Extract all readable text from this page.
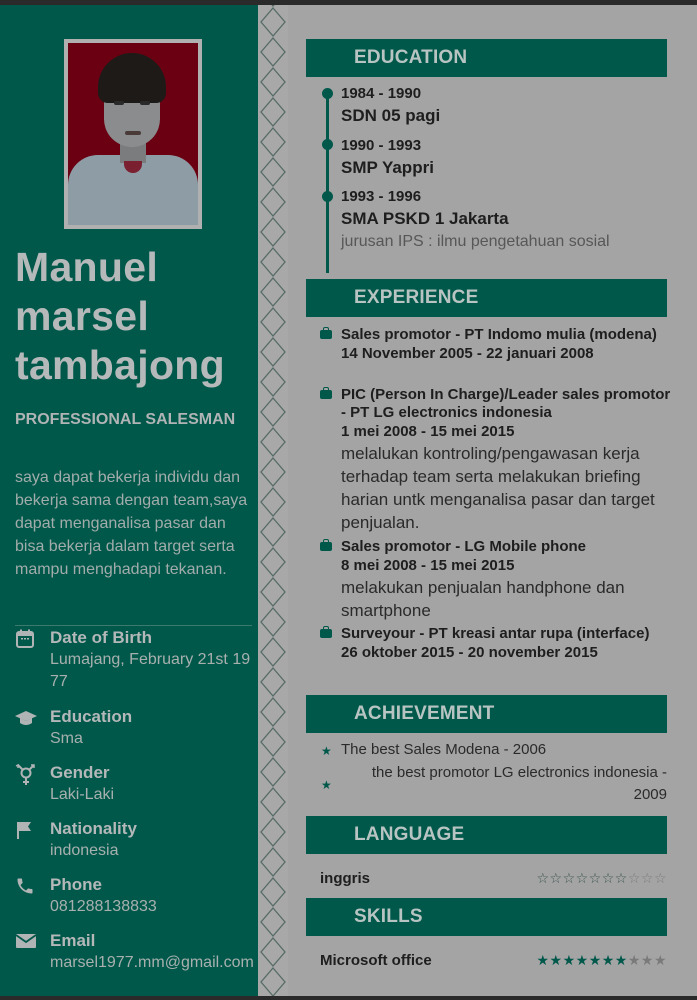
Manuel marsel tambajong
PROFESSIONAL SALESMAN
saya dapat bekerja individu dan bekerja sama dengan team,saya dapat menganalisa pasar dan bisa bekerja dalam target serta mampu menghadapi tekanan.
Date of Birth
Lumajang, February 21st 1977
Education
Sma
Gender
Laki-Laki
Nationality
indonesia
Phone
081288138833
Email
marsel1977.mm@gmail.com
EDUCATION
1984 - 1990
SDN 05 pagi
1990 - 1993
SMP Yappri
1993 - 1996
SMA PSKD 1 Jakarta
jurusan IPS : ilmu pengetahuan sosial
EXPERIENCE
Sales promotor - PT Indomo mulia (modena)
14 November 2005 - 22 januari 2008
PIC (Person In Charge)/Leader sales promotor - PT LG electronics indonesia
1 mei 2008 - 15 mei 2015
melalukan kontroling/pengawasan kerja terhadap team serta melakukan briefing harian untk menganalisa pasar dan target penjualan.
Sales promotor - LG Mobile phone
8 mei 2008 - 15 mei 2015
melakukan penjualan handphone dan smartphone
Surveyour - PT kreasi antar rupa (interface)
26 oktober 2015 - 20 november 2015
ACHIEVEMENT
★ The best Sales Modena - 2006
★
the best promotor LG electronics indonesia - 2009
LANGUAGE
inggris	☆☆☆☆☆☆☆☆☆☆
SKILLS
Microsoft office	★★★★★★★★★★
